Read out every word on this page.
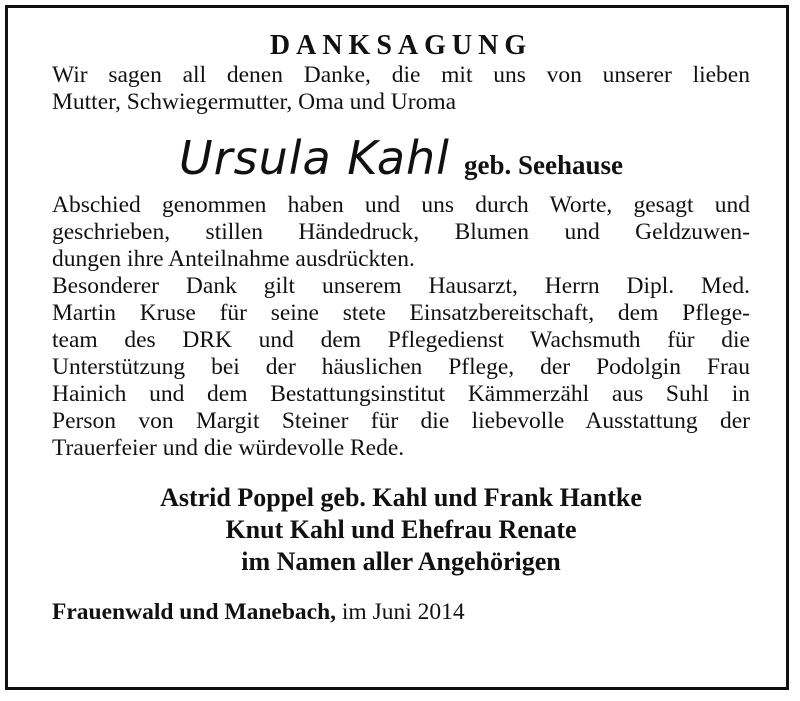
DANKSAGUNG

Wir sagen all denen Danke, die mit uns von unserer lieben
Mutter, Schwiegermutter, Oma und Uroma

Ursula Kahl geb. Seehause

Abschied genommen haben und uns durch Worte, gesagt und
geschrieben, stillen Händedruck, Blumen und Geldzuwen-
dungen ihre Anteilnahme ausdrückten.

Besonderer Dank gilt unserem Hausarzt, Herrn Dipl. Med.
Martin Kruse für seine stete Einsatzbereitschaft, dem Pflege-
team des DRK und dem Pflegedienst Wachsmuth für die
Unterstützung bei der häuslichen Pflege, der Podolgin Frau
Hainich und dem Bestattungsinstitut Kämmerzähl aus Suhl in
Person von Margit Steiner für die liebevolle Ausstattung der
Trauerfeier und die würdevolle Rede.

Astrid Poppel geb. Kahl und Frank Hantke
Knut Kahl und Ehefrau Renate
im Namen aller Angehörigen
Frauenwald und Manebach, im Juni 2014
